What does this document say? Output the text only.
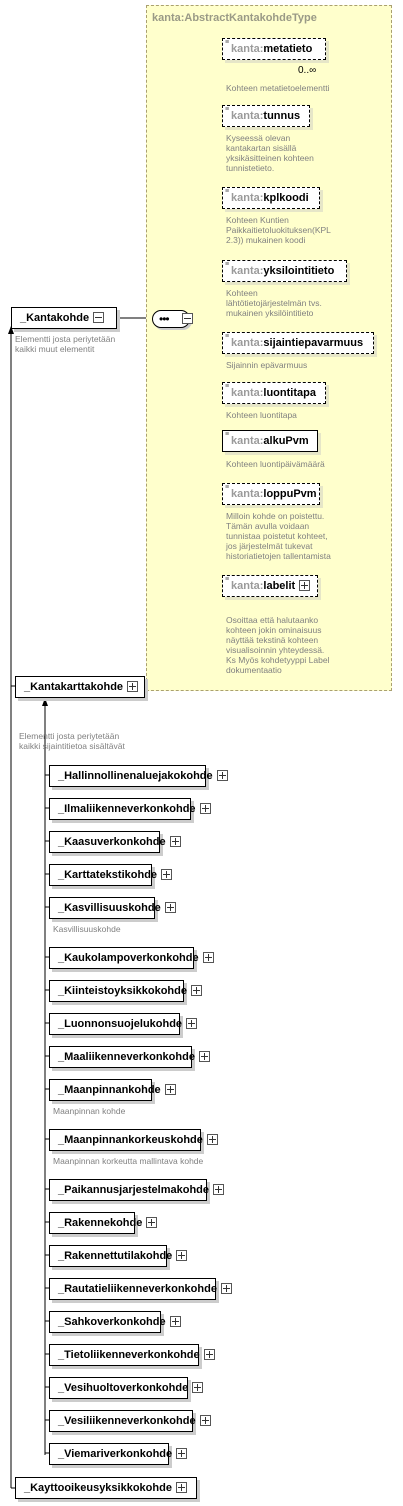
kanta:AbstractKantakohdeType
_Kantakohde
Elementti josta periytetään
kaikki muut elementit
•••
≡
kanta:metatieto
0..∞
Kohteen metatietoelementti
≡
kanta:tunnus
Kyseessä olevan
kantakartan sisällä
yksikäsitteinen kohteen
tunnistetieto.
≡
kanta:kplkoodi
Kohteen Kuntien
Paikkaitietoluokituksen(KPL
2.3)) mukainen koodi
≡
kanta:yksilointitieto
Kohteen
lähtötietojärjestelmän tvs.
mukainen yksilöintitieto
≡
kanta:sijaintiepavarmuus
Sijainnin epävarmuus
≡
kanta:luontitapa
Kohteen luontitapa
≡
kanta:alkuPvm
Kohteen luontipäivämäärä
≡
kanta:loppuPvm
Milloin kohde on poistettu.
Tämän avulla voidaan
tunnistaa poistetut kohteet,
jos järjestelmät tukevat
historiatietojen tallentamista
≡
kanta:labelit
Osoittaa että halutaanko
kohteen jokin ominaisuus
näyttää tekstinä kohteen
visualisoinnin yhteydessä.
Ks Myös kohdetyyppi Label
dokumentaatio
_Kantakarttakohde
Elementti josta periytetään
kaikki sijaintitietoa sisältävät
_Hallinnollinenaluejakokohde
_Ilmaliikenneverkonkohde
_Kaasuverkonkohde
_Karttatekstikohde
_Kasvillisuuskohde
Kasvillisuuskohde
_Kaukolampoverkonkohde
_Kiinteistoyksikkokohde
_Luonnonsuojelukohde
_Maaliikenneverkonkohde
_Maanpinnankohde
Maanpinnan kohde
_Maanpinnankorkeuskohde
Maanpinnan korkeutta mallintava kohde
_Paikannusjarjestelmakohde
_Rakennekohde
_Rakennettutilakohde
_Rautatieliikenneverkonkohde
_Sahkoverkonkohde
_Tietoliikenneverkonkohde
_Vesihuoltoverkonkohde
_Vesiliikenneverkonkohde
_Viemariverkonkohde
_Kayttooikeusyksikkokohde
